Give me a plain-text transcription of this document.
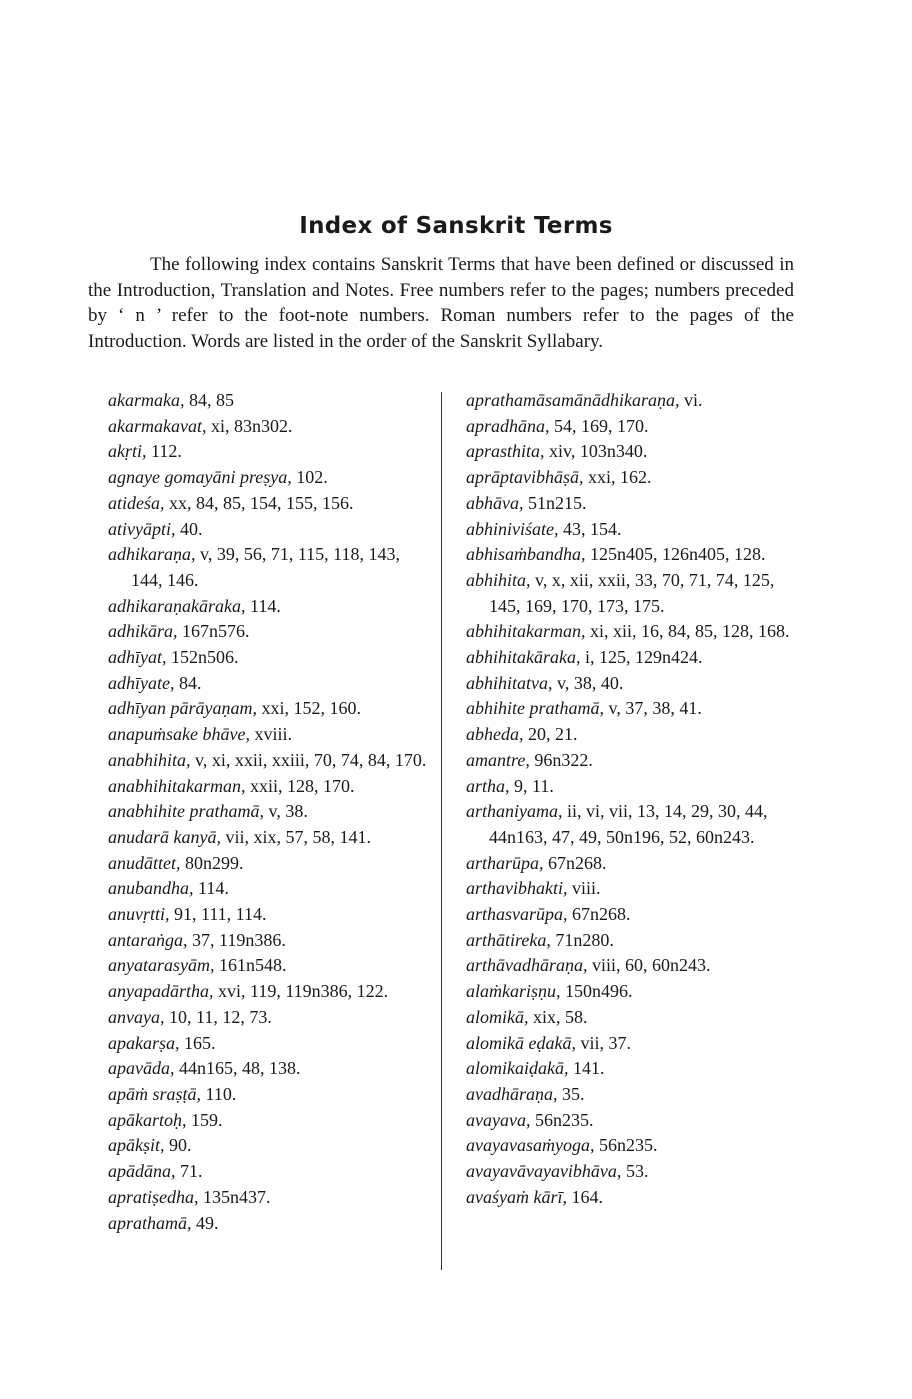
Index of Sanskrit Terms

The following index contains Sanskrit Terms that have been defined or discussed in the Introduction, Translation and Notes. Free numbers refer to the pages; numbers preceded by ‘ n ’ refer to the foot-note numbers. Roman numbers refer to the pages of the Introduction. Words are listed in the order of the Sanskrit Syllabary.

akarmaka, 84, 85
akarmakavat, xi, 83n302.
akṛti, 112.
agnaye gomayāni preṣya, 102.
atideśa, xx, 84, 85, 154, 155, 156.
ativyāpti, 40.
adhikaraṇa, v, 39, 56, 71, 115, 118, 143, 144, 146.
adhikaraṇakāraka, 114.
adhikāra, 167n576.
adhīyat, 152n506.
adhīyate, 84.
adhīyan pārāyaṇam, xxi, 152, 160.
anapuṁsake bhāve, xviii.
anabhihita, v, xi, xxii, xxiii, 70, 74, 84, 170.
anabhihitakarman, xxii, 128, 170.
anabhihite prathamā, v, 38.
anudarā kanyā, vii, xix, 57, 58, 141.
anudāttet, 80n299.
anubandha, 114.
anuvṛtti, 91, 111, 114.
antaraṅga, 37, 119n386.
anyatarasyām, 161n548.
anyapadārtha, xvi, 119, 119n386, 122.
anvaya, 10, 11, 12, 73.
apakarṣa, 165.
apavāda, 44n165, 48, 138.
apāṁ sraṣṭā, 110.
apākartoḥ, 159.
apākṣit, 90.
apādāna, 71.
apratiṣedha, 135n437.
aprathamā, 49.
aprathamāsamānādhikaraṇa, vi.
apradhāna, 54, 169, 170.
aprasthita, xiv, 103n340.
aprāptavibhāṣā, xxi, 162.
abhāva, 51n215.
abhiniviśate, 43, 154.
abhisaṁbandha, 125n405, 126n405, 128.
abhihita, v, x, xii, xxii, 33, 70, 71, 74, 125, 145, 169, 170, 173, 175.
abhihitakarman, xi, xii, 16, 84, 85, 128, 168.
abhihitakāraka, i, 125, 129n424.
abhihitatva, v, 38, 40.
abhihite prathamā, v, 37, 38, 41.
abheda, 20, 21.
amantre, 96n322.
artha, 9, 11.
arthaniyama, ii, vi, vii, 13, 14, 29, 30, 44, 44n163, 47, 49, 50n196, 52, 60n243.
artharūpa, 67n268.
arthavibhakti, viii.
arthasvarūpa, 67n268.
arthātireka, 71n280.
arthāvadhāraṇa, viii, 60, 60n243.
alaṁkariṣṇu, 150n496.
alomikā, xix, 58.
alomikā eḍakā, vii, 37.
alomikaiḍakā, 141.
avadhāraṇa, 35.
avayava, 56n235.
avayavasaṁyoga, 56n235.
avayavāvayavibhāva, 53.
avaśyaṁ kārī, 164.
